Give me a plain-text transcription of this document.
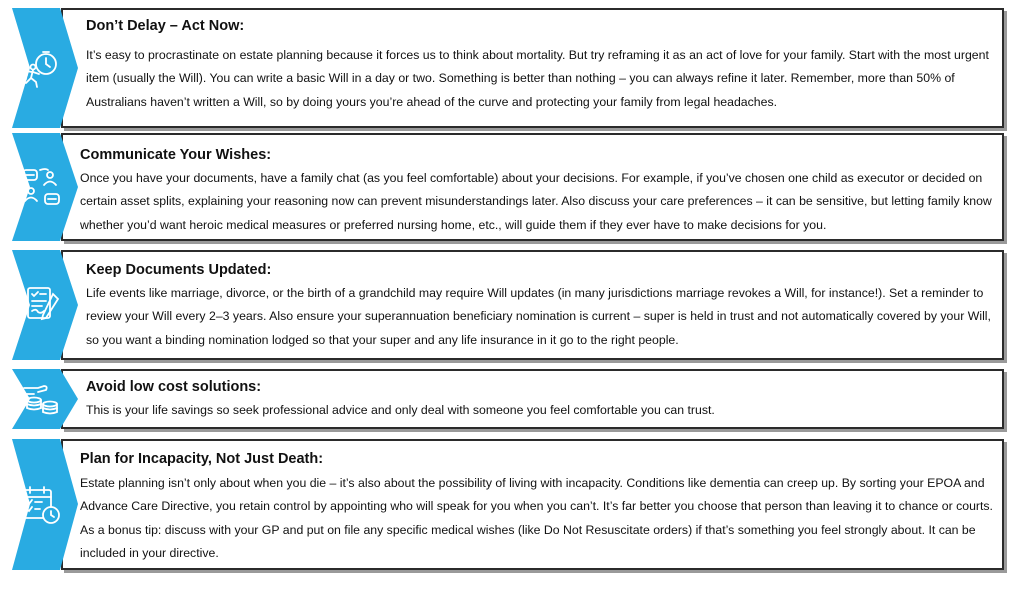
Don’t Delay – Act Now:
It’s easy to procrastinate on estate planning because it forces us to think about mortality. But try reframing it as an act of love for your family. Start with the most urgent item (usually the Will). You can write a basic Will in a day or two. Something is better than nothing – you can always refine it later. Remember, more than 50% of Australians haven’t written a Will, so by doing yours you’re ahead of the curve and protecting your family from legal headaches.
Communicate Your Wishes:
Once you have your documents, have a family chat (as you feel comfortable) about your decisions. For example, if you’ve chosen one child as executor or decided on certain asset splits, explaining your reasoning now can prevent misunderstandings later. Also discuss your care preferences – it can be sensitive, but letting family know whether you’d want heroic medical measures or preferred nursing home, etc., will guide them if they ever have to make decisions for you.
Keep Documents Updated:
Life events like marriage, divorce, or the birth of a grandchild may require Will updates (in many jurisdictions marriage revokes a Will, for instance!). Set a reminder to review your Will every 2–3 years. Also ensure your superannuation beneficiary nomination is current – super is held in trust and not automatically covered by your Will, so you want a binding nomination lodged so that your super and any life insurance in it go to the right people.
Avoid low cost solutions:
This is your life savings so seek professional advice and only deal with someone you feel comfortable you can trust.
Plan for Incapacity, Not Just Death:
Estate planning isn’t only about when you die – it’s also about the possibility of living with incapacity. Conditions like dementia can creep up. By sorting your EPOA and Advance Care Directive, you retain control by appointing who will speak for you when you can’t. It’s far better you choose that person than leaving it to chance or courts. As a bonus tip: discuss with your GP and put on file any specific medical wishes (like Do Not Resuscitate orders) if that’s something you feel strongly about. It can be included in your directive.
